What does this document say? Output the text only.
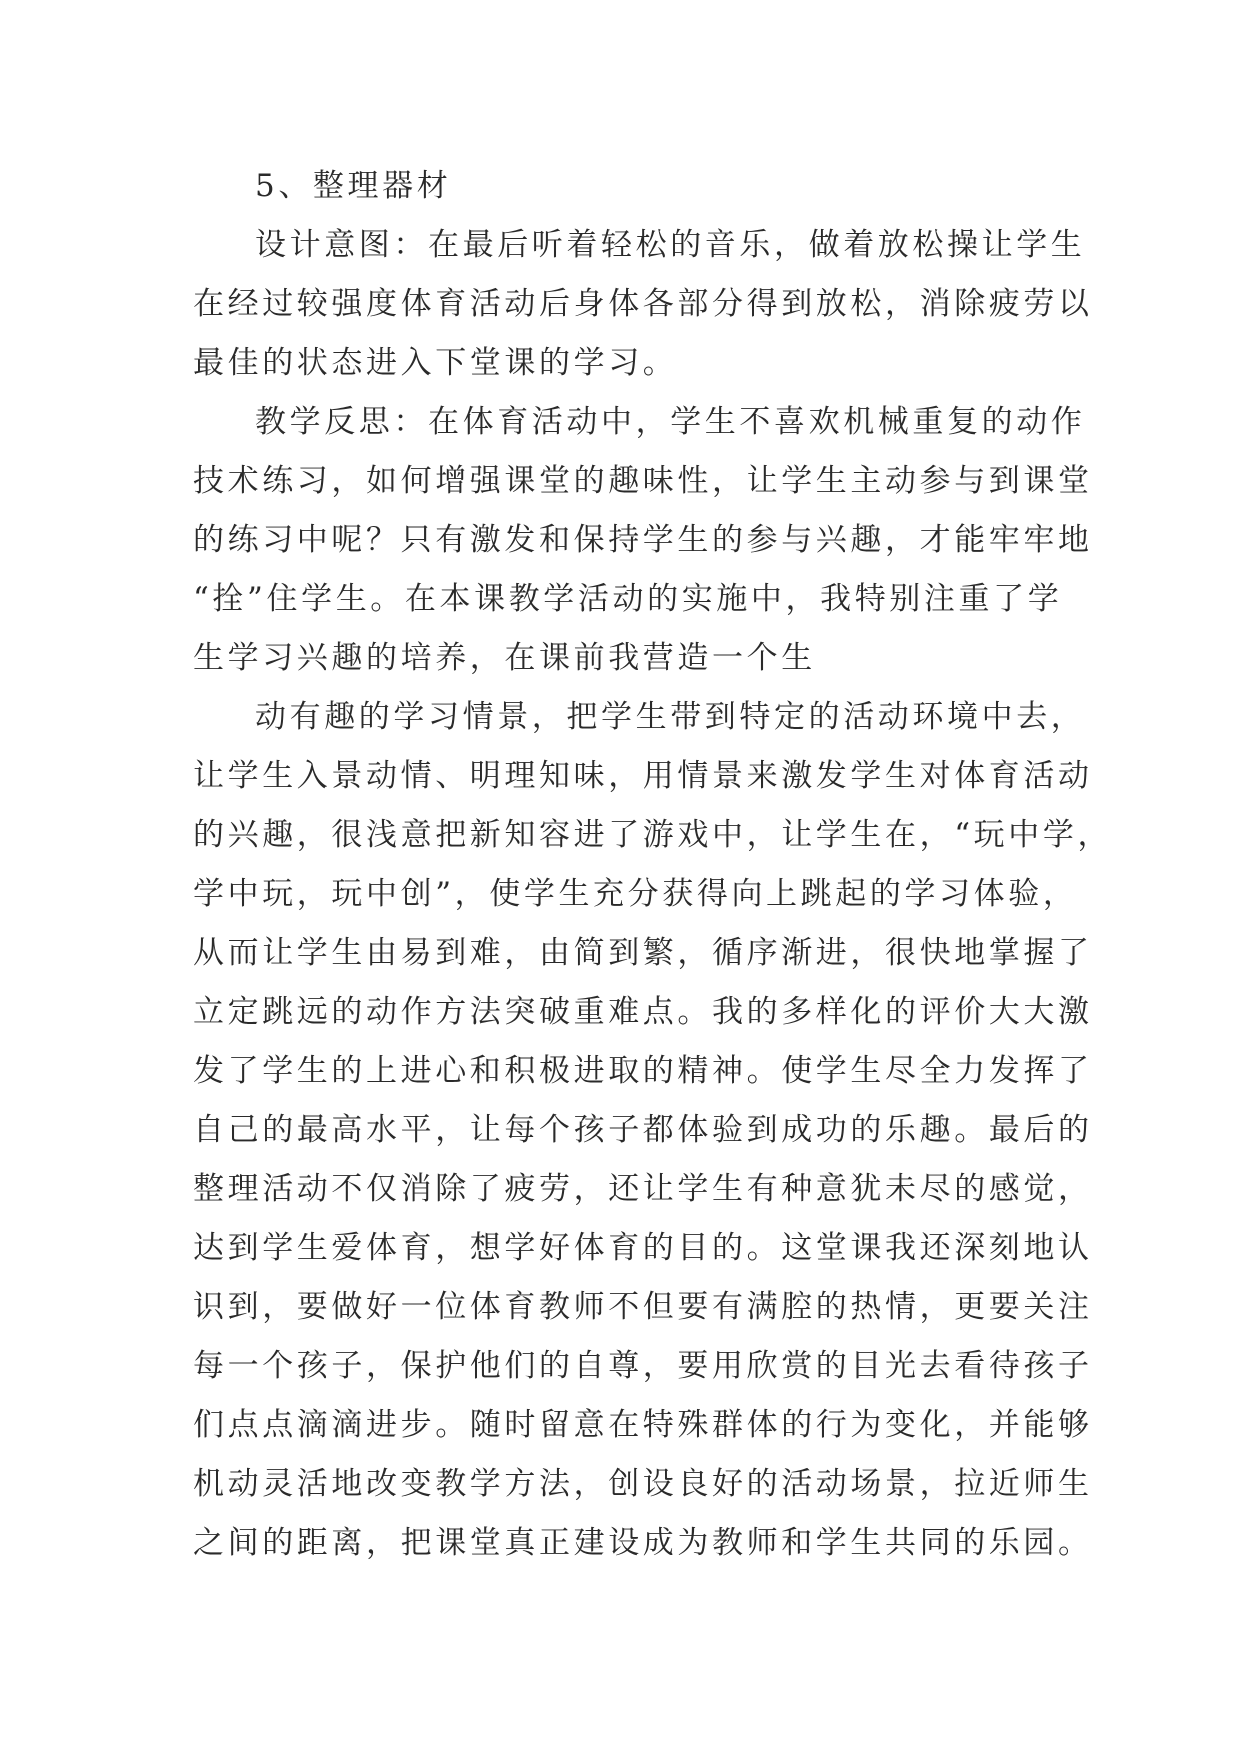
5、整理器材
设计意图：在最后听着轻松的音乐，做着放松操让学生
在经过较强度体育活动后身体各部分得到放松，消除疲劳以
最佳的状态进入下堂课的学习。
教学反思：在体育活动中，学生不喜欢机械重复的动作
技术练习，如何增强课堂的趣味性，让学生主动参与到课堂
的练习中呢？只有激发和保持学生的参与兴趣，才能牢牢地
“拴”住学生。在本课教学活动的实施中，我特别注重了学
生学习兴趣的培养，在课前我营造一个生
动有趣的学习情景，把学生带到特定的活动环境中去，
让学生入景动情、明理知味，用情景来激发学生对体育活动
的兴趣，很浅意把新知容进了游戏中，让学生在，“玩中学，
学中玩，玩中创”，使学生充分获得向上跳起的学习体验，
从而让学生由易到难，由简到繁，循序渐进，很快地掌握了
立定跳远的动作方法突破重难点。我的多样化的评价大大激
发了学生的上进心和积极进取的精神。使学生尽全力发挥了
自己的最高水平，让每个孩子都体验到成功的乐趣。最后的
整理活动不仅消除了疲劳，还让学生有种意犹未尽的感觉，
达到学生爱体育，想学好体育的目的。这堂课我还深刻地认
识到，要做好一位体育教师不但要有满腔的热情，更要关注
每一个孩子，保护他们的自尊，要用欣赏的目光去看待孩子
们点点滴滴进步。随时留意在特殊群体的行为变化，并能够
机动灵活地改变教学方法，创设良好的活动场景，拉近师生
之间的距离，把课堂真正建设成为教师和学生共同的乐园。
